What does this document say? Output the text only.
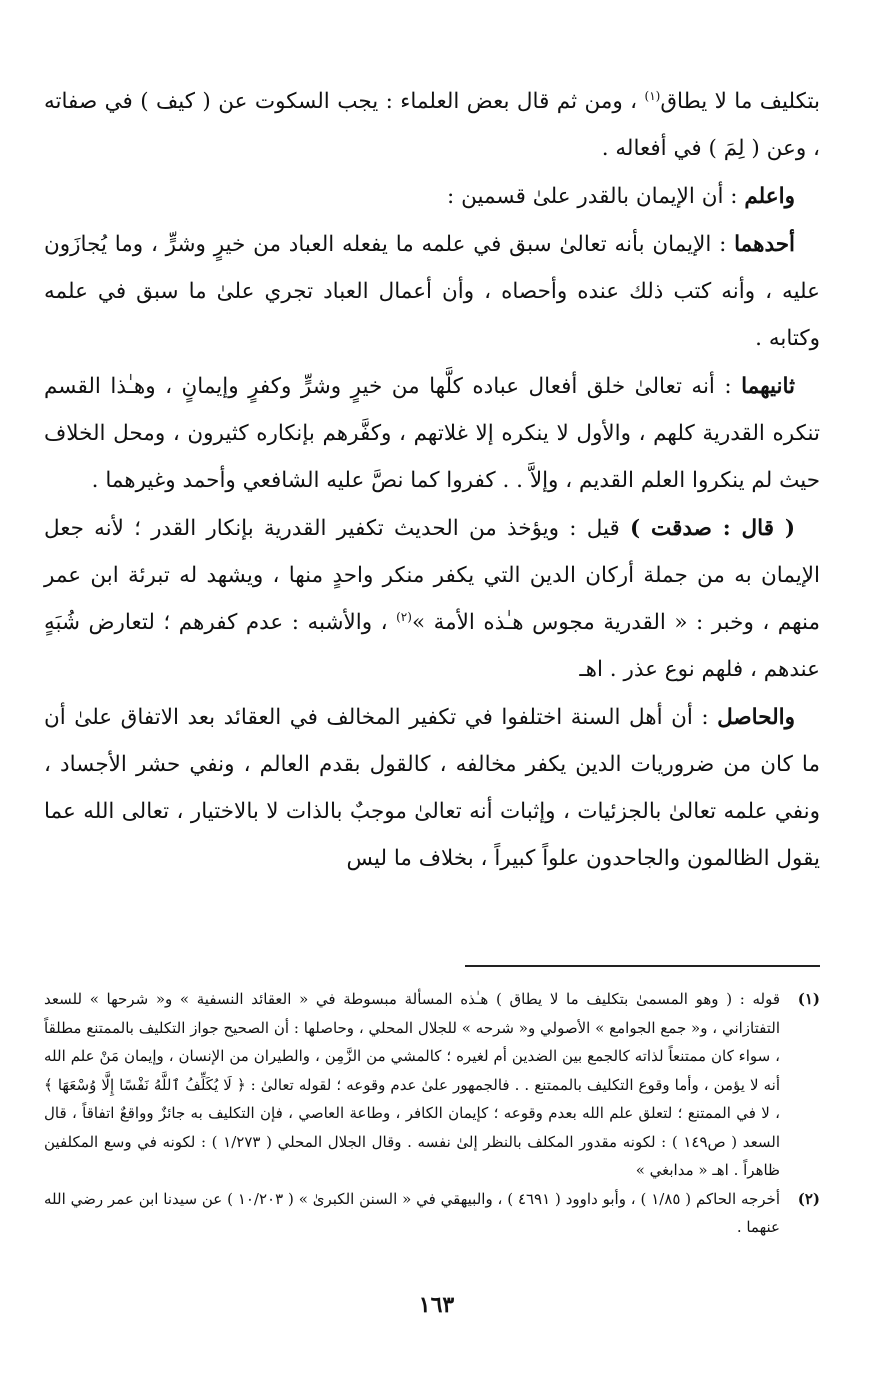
بتكليف ما لا يطاق$^{(١)}$ ، ومن ثم قال بعض العلماء : يجب السكوت عن ( كيف ) في صفاته ، وعن ( لِمَ ) في أفعاله .

واعلم : أن الإيمان بالقدر علىٰ قسمين :

أحدهما : الإيمان بأنه تعالىٰ سبق في علمه ما يفعله العباد من خيرٍ وشرٍّ ، وما يُجازَون عليه ، وأنه كتب ذلك عنده وأحصاه ، وأن أعمال العباد تجري علىٰ ما سبق في علمه وكتابه .

ثانيهما : أنه تعالىٰ خلق أفعال عباده كلَّها من خيرٍ وشرٍّ وكفرٍ وإيمانٍ ، وهـٰذا القسم تنكره القدرية كلهم ، والأول لا ينكره إلا غلاتهم ، وكفَّرهم بإنكاره كثيرون ، ومحل الخلاف حيث لم ينكروا العلم القديم ، وإلاَّ . . كفروا كما نصَّ عليه الشافعي وأحمد وغيرهما .

( قال : صدقت ) قيل : ويؤخذ من الحديث تكفير القدرية بإنكار القدر ؛ لأنه جعل الإيمان به من جملة أركان الدين التي يكفر منكر واحدٍ منها ، ويشهد له تبرئة ابن عمر منهم ، وخبر : « القدرية مجوس هـٰذه الأمة »$^{(٢)}$ ، والأشبه : عدم كفرهم ؛ لتعارض شُبَهٍ عندهم ، فلهم نوع عذر . اهـ

والحاصل : أن أهل السنة اختلفوا في تكفير المخالف في العقائد بعد الاتفاق علىٰ أن ما كان من ضروريات الدين يكفر مخالفه ، كالقول بقدم العالم ، ونفي حشر الأجساد ، ونفي علمه تعالىٰ بالجزئيات ، وإثبات أنه تعالىٰ موجبٌ بالذات لا بالاختيار ، تعالى الله عما يقول الظالمون والجاحدون علواً كبيراً ، بخلاف ما ليس

(١)
قوله : ( وهو المسمىٰ بتكليف ما لا يطاق ) هـٰذه المسألة مبسوطة في « العقائد النسفية » و« شرحها » للسعد التفتازاني ، و« جمع الجوامع » الأصولي و« شرحه » للجلال المحلي ، وحاصلها : أن الصحيح جواز التكليف بالممتنع مطلقاً ، سواء كان ممتنعاً لذاته كالجمع بين الضدين أم لغيره ؛ كالمشي من الزَّمِن ، والطيران من الإنسان ، وإيمان مَنْ علم الله أنه لا يؤمن ، وأما وقوع التكليف بالممتنع . . فالجمهور علىٰ عدم وقوعه ؛ لقوله تعالىٰ : ﴿ لَا يُكَلِّفُ ٱللَّهُ نَفْسًا إِلَّا وُسْعَهَا ﴾ ، لا في الممتنع ؛ لتعلق علم الله بعدم وقوعه ؛ كإيمان الكافر ، وطاعة العاصي ، فإن التكليف به جائزٌ وواقعٌ اتفاقاً ، قال السعد ( ص١٤٩ ) : لكونه مقدور المكلف بالنظر إلىٰ نفسه . وقال الجلال المحلي ( ١/٢٧٣ ) : لكونه في وسع المكلفين ظاهراً . اهـ « مدابغي »
(٢)
أخرجه الحاكم ( ١/٨٥ ) ، وأبو داوود ( ٤٦٩١ ) ، والبيهقي في « السنن الكبرىٰ » ( ١٠/٢٠٣ ) عن سيدنا ابن عمر رضي الله عنهما .
١٦٣
